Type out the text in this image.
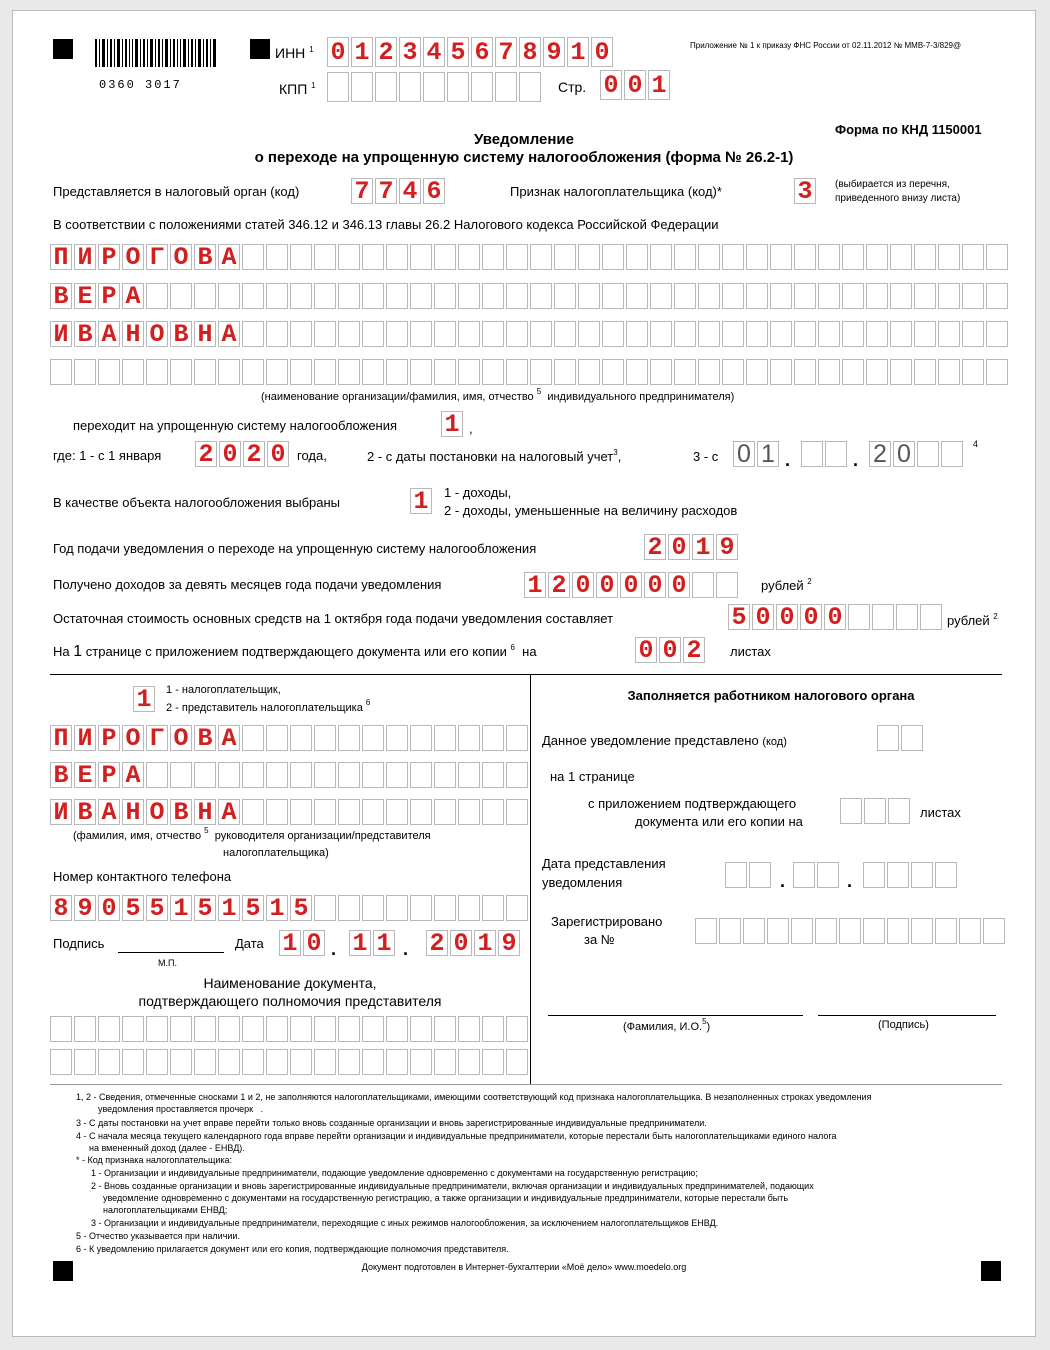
0360 3017
ИНН $^1$ 0 1 2 3 4 5 6 7 8 9 1 0
КПП $^1$	Стр. 0 0 1
Приложение № 1 к приказу ФНС России от 02.11.2012 № ММВ-7-3/829@
Форма по КНД 1150001
Уведомление
о переходе на упрощенную систему налогообложения (форма № 26.2-1)
Представляется в налоговый орган (код) 7 7 4 6	Признак налогоплательщика (код)*	3	(выбирается из перечня,
приведенного внизу листа)
В соответствии с положениями статей 346.12 и 346.13 главы 26.2 Налогового кодекса Российской Федерации
П И Р О Г О В А
В Е Р А
И В А Н О В Н А
(наименование организации/фамилия, имя, отчество $^5$ индивидуального предпринимателя)
переходит на упрощенную систему налогообложения 1 ,
где: 1 - с 1 января 2 0 2 0 года,	2 - с даты постановки на налоговый учет$^3$,	3 - с 0 1 .	. 2 0	4
В качестве объекта налогообложения выбраны	1 1 - доходы,
2 - доходы, уменьшенные на величину расходов
Год подачи уведомления о переходе на упрощенную систему налогообложения	2 0 1 9
Получено доходов за девять месяцев года подачи уведомления	1 2 0 0 0 0 0	рублей $^2$
Остаточная стоимость основных средств на 1 октября года подачи уведомления составляет	5 0 0 0 0	рублей $^2$
На 1 странице с приложением подтверждающего документа или его копии $^6$ на	0 0 2 листах
1	1 - налогоплательщик,
2 - представитель налогоплательщика $^6$
П И Р О Г О В А
В Е Р А
И В А Н О В Н А
(фамилия, имя, отчество $^5$ руководителя организации/представителя
налогоплательщика)
Номер контактного телефона
8 9 0 5 5 1 5 1 5 1 5
Подпись
М.П.
Дата 1 0 . 1 1 . 2 0 1 9
Наименование документа,
подтверждающего полномочия представителя
Заполняется работником налогового органа
Данное уведомление представлено (код)
на 1 странице
с приложением подтверждающего
документа или его копии на
листах
Дата представления
уведомления	.	.
Зарегистрировано
за №
(Фамилия, И.О.$^5$)	(Подпись)
1, 2 - Сведения, отмеченные сносками 1 и 2, не заполняются налогоплательщиками, имеющими соответствующий код признака налогоплательщика. В незаполненных строках уведомления
уведомления проставляется прочерк   .
3 - С даты постановки на учет вправе перейти только вновь созданные организации и вновь зарегистрированные индивидуальные предприниматели.
4 - С начала месяца текущего календарного года вправе перейти организации и индивидуальные предприниматели, которые перестали быть налогоплательщиками единого налога
на вмененный доход (далее - ЕНВД).
* - Код признака налогоплательщика:
1 - Организации и индивидуальные предприниматели, подающие уведомление одновременно с документами на государственную регистрацию;
2 - Вновь созданные организации и вновь зарегистрированные индивидуальные предприниматели, включая организации и индивидуальных предпринимателей, подающих
уведомление одновременно с документами на государственную регистрацию, а также организации и индивидуальные предприниматели, которые перестали быть
налогоплательщиками ЕНВД;
3 - Организации и индивидуальные предприниматели, переходящие с иных режимов налогообложения, за исключением налогоплательщиков ЕНВД.
5 - Отчество указывается при наличии.
6 - К уведомлению прилагается документ или его копия, подтверждающие полномочия представителя.
Документ подготовлен в Интернет-бухгалтерии «Моё дело» www.moedelo.org
